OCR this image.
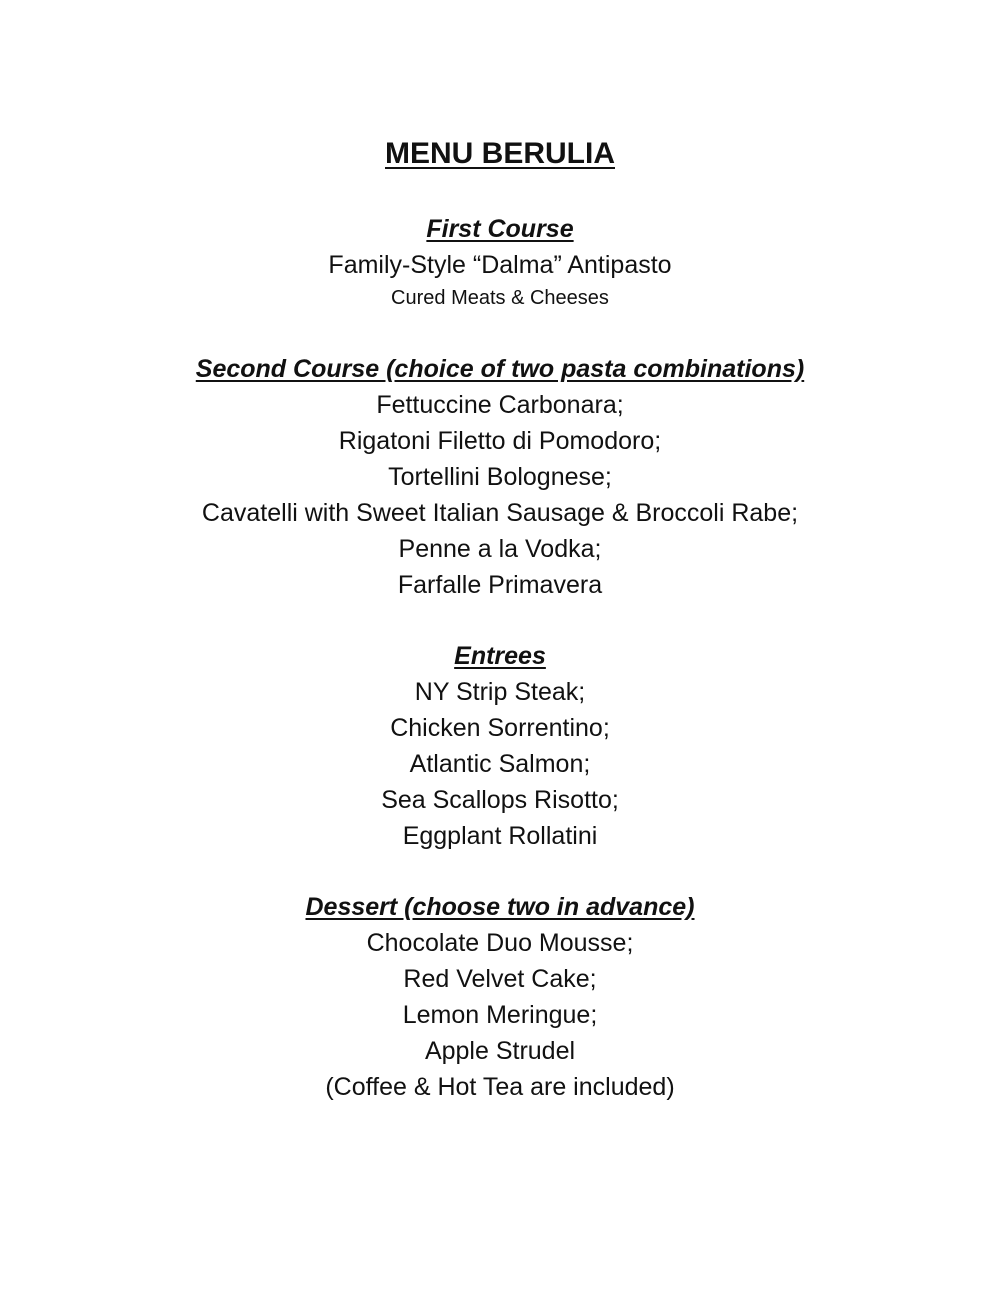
MENU BERULIA
First Course
Family-Style “Dalma” Antipasto
Cured Meats & Cheeses
Second Course (choice of two pasta combinations)
Fettuccine Carbonara;
Rigatoni Filetto di Pomodoro;
Tortellini Bolognese;
Cavatelli with Sweet Italian Sausage & Broccoli Rabe;
Penne a la Vodka;
Farfalle Primavera
Entrees
NY Strip Steak;
Chicken Sorrentino;
Atlantic Salmon;
Sea Scallops Risotto;
Eggplant Rollatini
Dessert (choose two in advance)
Chocolate Duo Mousse;
Red Velvet Cake;
Lemon Meringue;
Apple Strudel
(Coffee & Hot Tea are included)
